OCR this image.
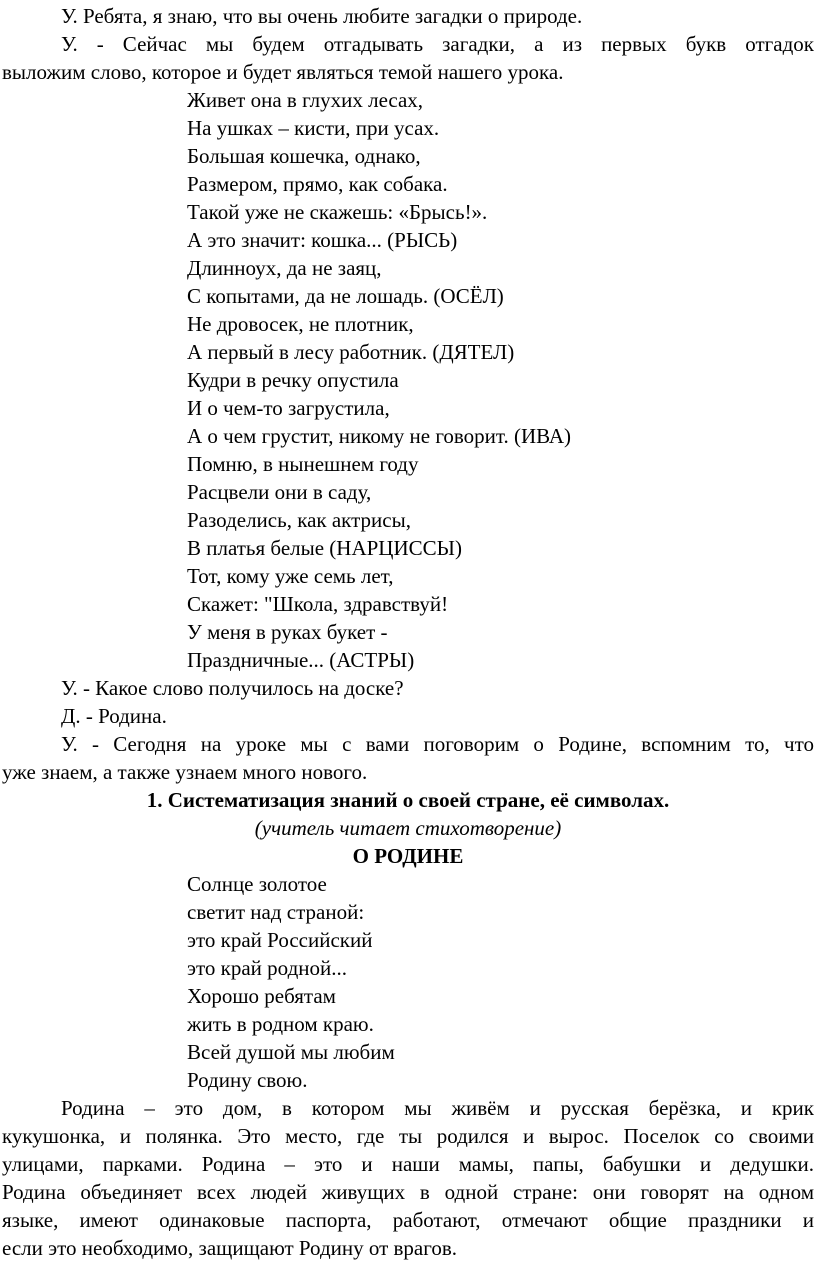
У. Ребята, я знаю, что вы очень любите загадки о природе.
У. - Сейчас мы будем отгадывать загадки, а из первых букв отгадок
выложим слово, которое и будет являться темой нашего урока.
Живет она в глухих лесах,
На ушках – кисти, при усах.
Большая кошечка, однако,
Размером, прямо, как собака.
Такой уже не скажешь: «Брысь!».
А это значит: кошка... (РЫСЬ)
Длинноух, да не заяц,
С копытами, да не лошадь. (ОСЁЛ)
Не дровосек, не плотник,
А первый в лесу работник. (ДЯТЕЛ)
Кудри в речку опустила
И о чем-то загрустила,
А о чем грустит, никому не говорит. (ИВА)
Помню, в нынешнем году
Расцвели они в саду,
Разоделись, как актрисы,
В платья белые (НАРЦИССЫ)
Тот, кому уже семь лет,
Скажет: "Школа, здравствуй!
У меня в руках букет -
Праздничные... (АСТРЫ)
У. - Какое слово получилось на доске?
Д. - Родина.
У. - Сегодня на уроке мы с вами поговорим о Родине, вспомним то, что
уже знаем, а также узнаем много нового.
1. Систематизация знаний о своей стране, её символах.
(учитель читает стихотворение)
О РОДИНЕ
Солнце золотое
светит над страной:
это край Российский
это край родной...
Хорошо ребятам
жить в родном краю.
Всей душой мы любим
Родину свою.
Родина – это дом, в котором мы живём и русская берёзка, и крик
кукушонка, и полянка. Это место, где ты родился и вырос. Поселок со своими
улицами, парками. Родина – это и наши мамы, папы, бабушки и дедушки.
Родина объединяет всех людей живущих в одной стране: они говорят на одном
языке, имеют одинаковые паспорта, работают, отмечают общие праздники и
если это необходимо, защищают Родину от врагов.
